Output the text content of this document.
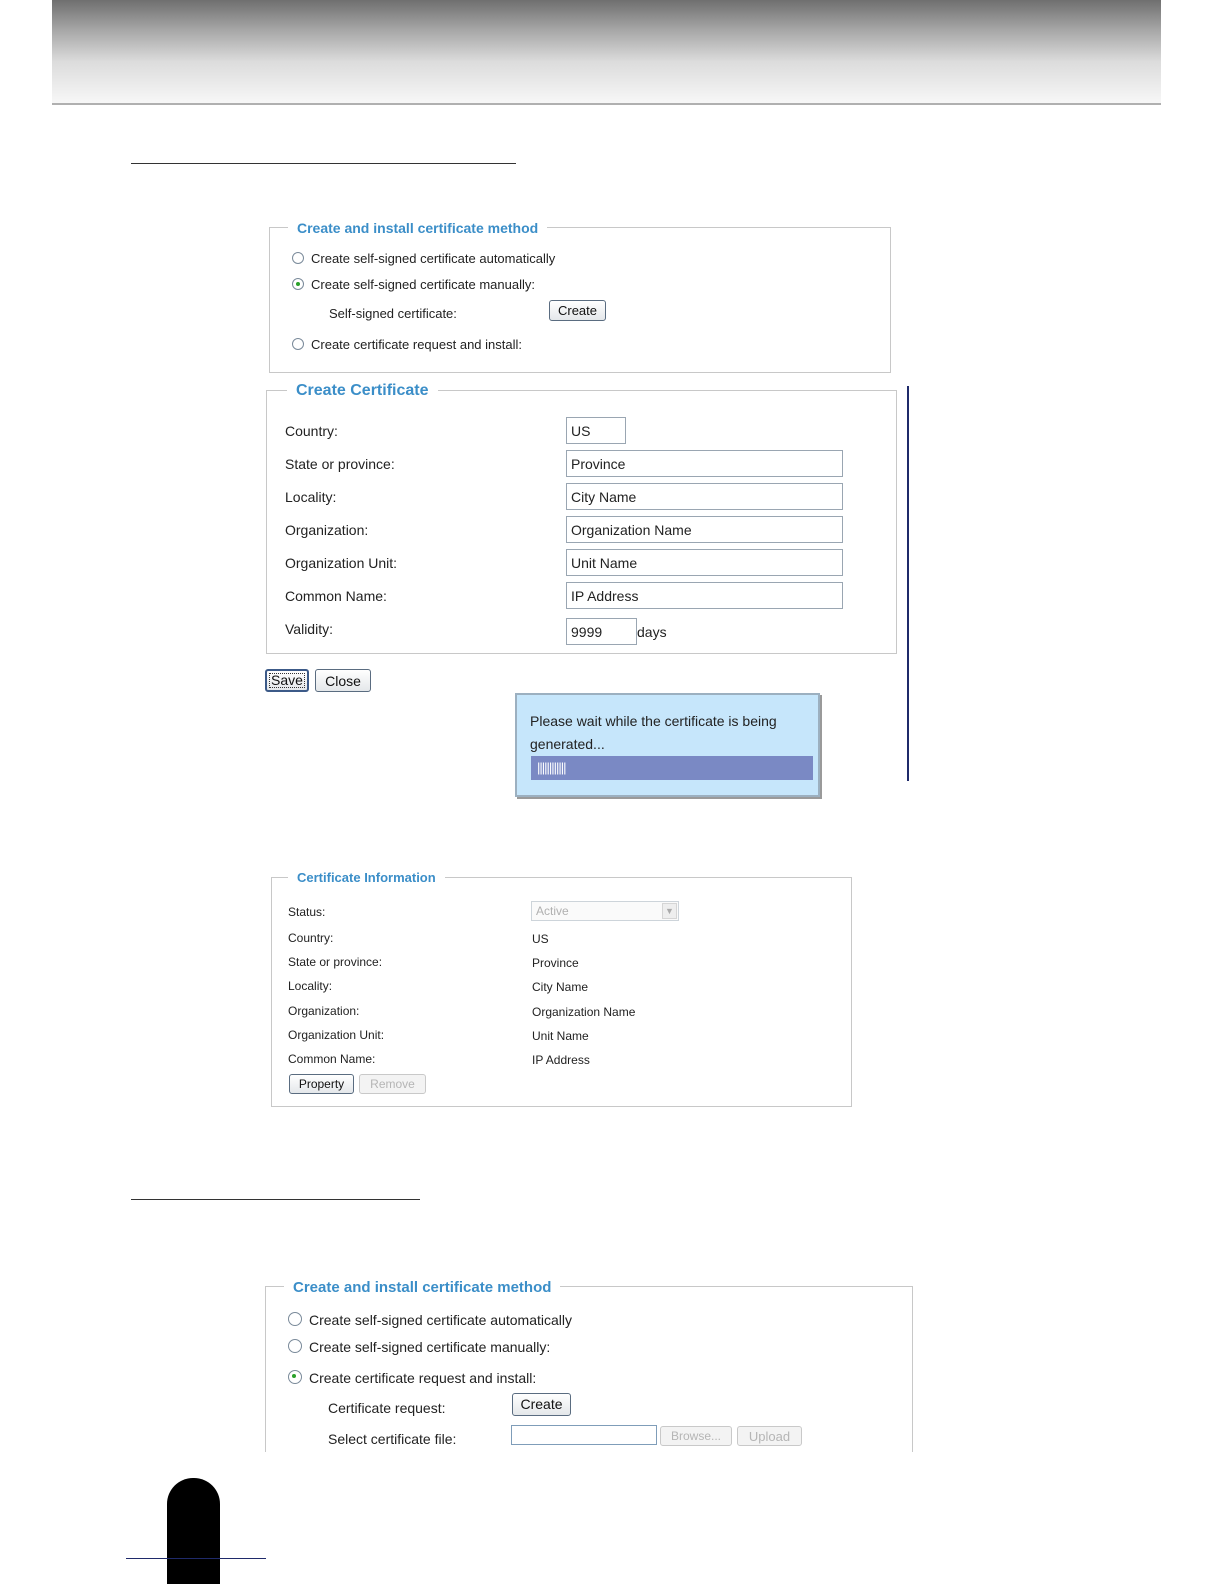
Create and install certificate method
Create self-signed certificate automatically
Create self-signed certificate manually:
Self-signed certificate:	Create
Create certificate request and install:
Create Certificate
Country:
US
State or province:
Province
Locality:
City Name
Organization:
Organization Name
Organization Unit:
Unit Name
Common Name:
IP Address
Validity:
9999	days
Save	Close
Please wait while the certificate is being generated...
||||||||||||
Certificate Information
Status:	Active	▼
Country:	US
State or province:	Province
Locality:	City Name
Organization:	Organization Name
Organization Unit:	Unit Name
Common Name:	IP Address
Property	Remove
Create and install certificate method
Create self-signed certificate automatically
Create self-signed certificate manually:
Create certificate request and install:
Certificate request:	Create
Select certificate file:	Browse...	Upload
